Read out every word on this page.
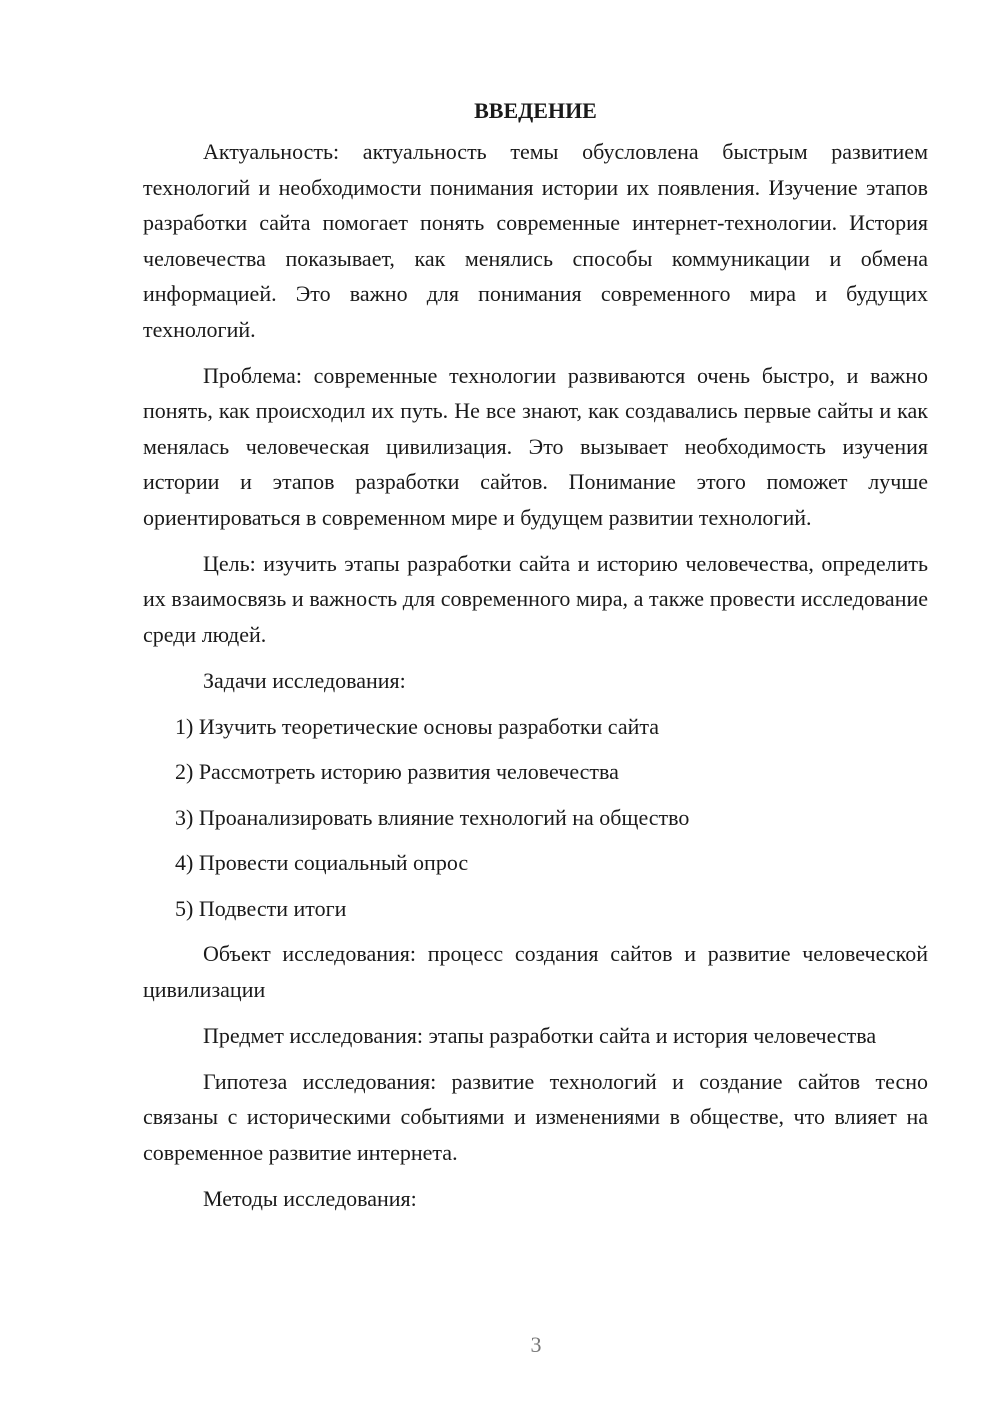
ВВЕДЕНИЕ

Актуальность: актуальность темы обусловлена быстрым развитием технологий и необходимости понимания истории их появления. Изучение этапов разработки сайта помогает понять современные интернет-технологии. История человечества показывает, как менялись способы коммуникации и обмена информацией. Это важно для понимания современного мира и будущих технологий.

Проблема: современные технологии развиваются очень быстро, и важно понять, как происходил их путь. Не все знают, как создавались первые сайты и как менялась человеческая цивилизация. Это вызывает необходимость изучения истории и этапов разработки сайтов. Понимание этого поможет лучше ориентироваться в современном мире и будущем развитии технологий.

Цель: изучить этапы разработки сайта и историю человечества, определить их взаимосвязь и важность для современного мира, а также провести исследование среди людей.

Задачи исследования:

1) Изучить теоретические основы разработки сайта

2) Рассмотреть историю развития человечества

3) Проанализировать влияние технологий на общество

4) Провести социальный опрос

5) Подвести итоги

Объект исследования: процесс создания сайтов и развитие человеческой цивилизации

Предмет исследования: этапы разработки сайта и история человечества

Гипотеза исследования: развитие технологий и создание сайтов тесно связаны с историческими событиями и изменениями в обществе, что влияет на современное развитие интернета.

Методы исследования:

3
